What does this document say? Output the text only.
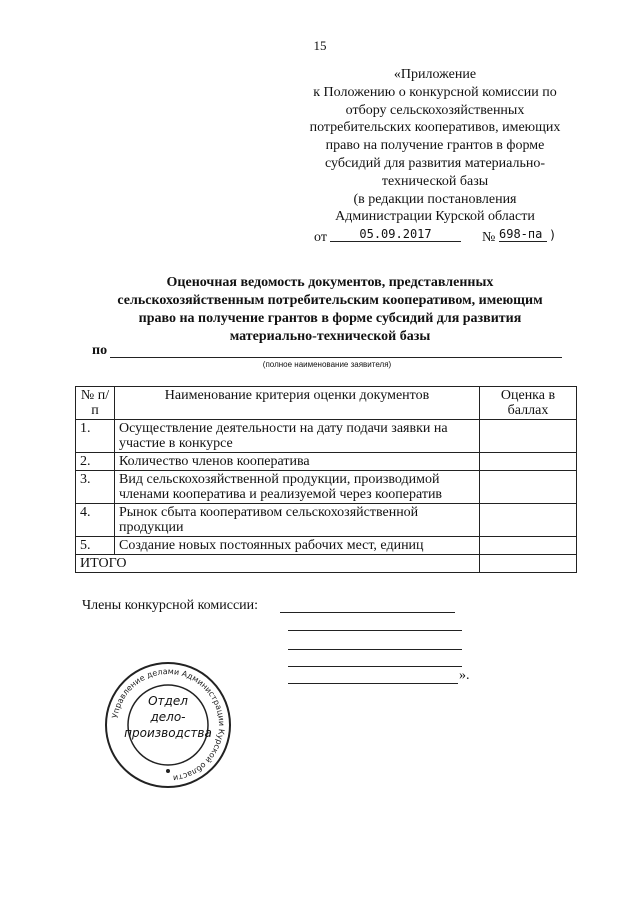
15
«Приложение
к Положению о конкурсной комиссии по
отбору сельскохозяйственных
потребительских кооперативов, имеющих
право на получение грантов в форме
субсидий для развития материально-
технической базы
(в редакции постановления
Администрации Курской области
от	05.09.2017	№ 698-па )
Оценочная ведомость документов, представленных
сельскохозяйственным потребительским кооперативом, имеющим
право на получение грантов в форме субсидий для развития
материально-технической базы
по
(полное наименование заявителя)
№ п/п	Наименование критерия оценки документов	Оценка в баллах
1.	Осуществление деятельности на дату подачи заявки на участие в конкурсе	
2.	Количество членов кооператива	
3.	Вид сельскохозяйственной продукции, производимой членами кооператива и реализуемой через кооператив	
4.	Рынок сбыта кооперативом сельскохозяйственной продукции	
5.	Создание новых постоянных рабочих мест, единиц	
ИТОГО		
Члены конкурсной комиссии:
».
Управление делами Администрации Курской области
Отдел
дело-
производства
